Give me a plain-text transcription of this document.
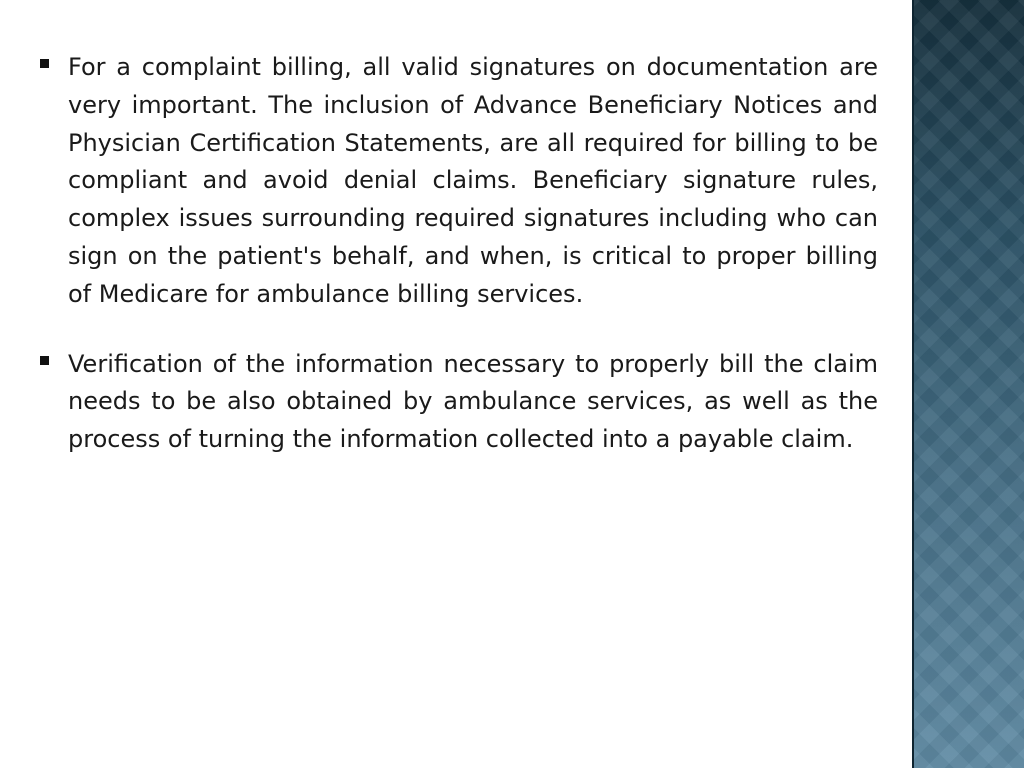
For a complaint billing, all valid signatures on documentation are very important. The inclusion of Advance Beneficiary Notices and Physician Certification Statements, are all required for billing to be compliant and avoid denial claims. Beneficiary signature rules, complex issues surrounding required signatures including who can sign on the patient's behalf, and when, is critical to proper billing of Medicare for ambulance billing services.

Verification of the information necessary to properly bill the claim needs to be also obtained by ambulance services, as well as the process of turning the information collected into a payable claim.
